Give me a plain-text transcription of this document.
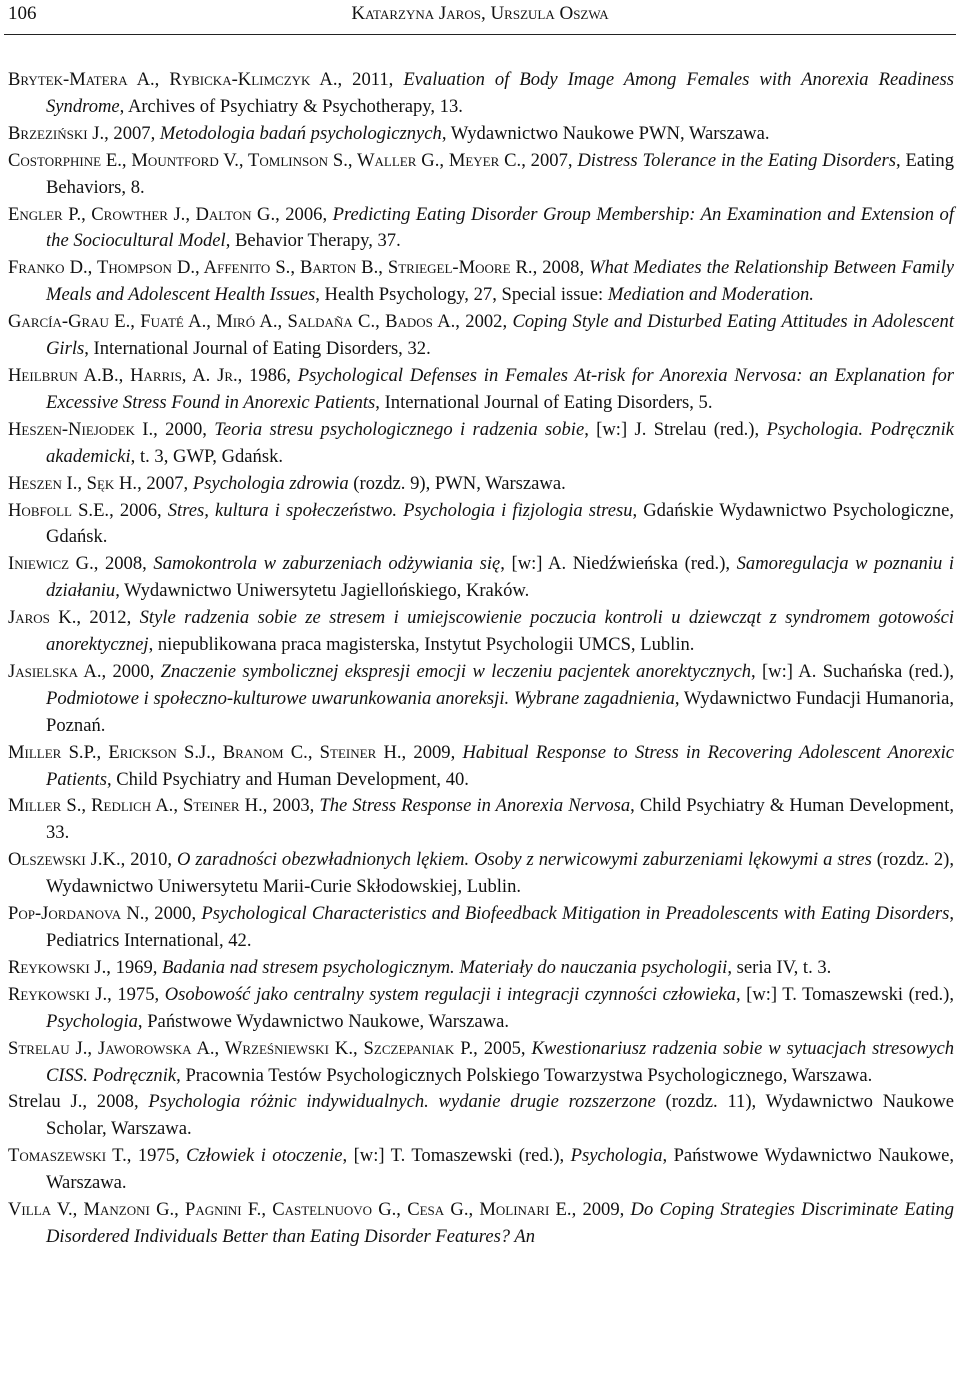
106	Katarzyna Jaros, Urszula Oszwa

Brytek-Matera A., Rybicka-Klimczyk A., 2011, Evaluation of Body Image Among Females with Anorexia Readiness Syndrome, Archives of Psychiatry & Psychotherapy, 13.

Brzeziński J., 2007, Metodologia badań psychologicznych, Wydawnictwo Naukowe PWN, Warszawa.

Costorphine E., Mountford V., Tomlinson S., Waller G., Meyer C., 2007, Distress Tolerance in the Eating Disorders, Eating Behaviors, 8.

Engler P., Crowther J., Dalton G., 2006, Predicting Eating Disorder Group Membership: An Examination and Extension of the Sociocultural Model, Behavior Therapy, 37.

Franko D., Thompson D., Affenito S., Barton B., Striegel-Moore R., 2008, What Mediates the Relationship Between Family Meals and Adolescent Health Issues, Health Psychology, 27, Special issue: Mediation and Moderation.

García-Grau E., Fuaté A., Miró A., Saldaña C., Bados A., 2002, Coping Style and Disturbed Eating Attitudes in Adolescent Girls, International Journal of Eating Disorders, 32.

Heilbrun A.B., Harris, A. Jr., 1986, Psychological Defenses in Females At-risk for Anorexia Nervosa: an Explanation for Excessive Stress Found in Anorexic Patients, International Journal of Eating Disorders, 5.

Heszen-Niejodek I., 2000, Teoria stresu psychologicznego i radzenia sobie, [w:] J. Strelau (red.), Psychologia. Podręcznik akademicki, t. 3, GWP, Gdańsk.

Heszen I., Sęk H., 2007, Psychologia zdrowia (rozdz. 9), PWN, Warszawa.

Hobfoll S.E., 2006, Stres, kultura i społeczeństwo. Psychologia i fizjologia stresu, Gdańskie Wydawnictwo Psychologiczne, Gdańsk.

Iniewicz G., 2008, Samokontrola w zaburzeniach odżywiania się, [w:] A. Niedźwieńska (red.), Samoregulacja w poznaniu i działaniu, Wydawnictwo Uniwersytetu Jagiellońskiego, Kraków.

Jaros K., 2012, Style radzenia sobie ze stresem i umiejscowienie poczucia kontroli u dziewcząt z syndromem gotowości anorektycznej, niepublikowana praca magisterska, Instytut Psychologii UMCS, Lublin.

Jasielska A., 2000, Znaczenie symbolicznej ekspresji emocji w leczeniu pacjentek anorektycznych, [w:] A. Suchańska (red.), Podmiotowe i społeczno-kulturowe uwarunkowania anoreksji. Wybrane zagadnienia, Wydawnictwo Fundacji Humanoria, Poznań.

Miller S.P., Erickson S.J., Branom C., Steiner H., 2009, Habitual Response to Stress in Recovering Adolescent Anorexic Patients, Child Psychiatry and Human Development, 40.

Miller S., Redlich A., Steiner H., 2003, The Stress Response in Anorexia Nervosa, Child Psychiatry & Human Development, 33.

Olszewski J.K., 2010, O zaradności obezwładnionych lękiem. Osoby z nerwicowymi zaburzeniami lękowymi a stres (rozdz. 2), Wydawnictwo Uniwersytetu Marii-Curie Skłodowskiej, Lublin.

Pop-Jordanova N., 2000, Psychological Characteristics and Biofeedback Mitigation in Preadolescents with Eating Disorders, Pediatrics International, 42.

Reykowski J., 1969, Badania nad stresem psychologicznym. Materiały do nauczania psychologii, seria IV, t. 3.

Reykowski J., 1975, Osobowość jako centralny system regulacji i integracji czynności człowieka, [w:] T. Tomaszewski (red.), Psychologia, Państwowe Wydawnictwo Naukowe, Warszawa.

Strelau J., Jaworowska A., Wrześniewski K., Szczepaniak P., 2005, Kwestionariusz radzenia sobie w sytuacjach stresowych CISS. Podręcznik, Pracownia Testów Psychologicznych Polskiego Towarzystwa Psychologicznego, Warszawa.

Strelau J., 2008, Psychologia różnic indywidualnych. wydanie drugie rozszerzone (rozdz. 11), Wydawnictwo Naukowe Scholar, Warszawa.

Tomaszewski T., 1975, Człowiek i otoczenie, [w:] T. Tomaszewski (red.), Psychologia, Państwowe Wydawnictwo Naukowe, Warszawa.

Villa V., Manzoni G., Pagnini F., Castelnuovo G., Cesa G., Molinari E., 2009, Do Coping Strategies Discriminate Eating Disordered Individuals Better than Eating Disorder Features? An
